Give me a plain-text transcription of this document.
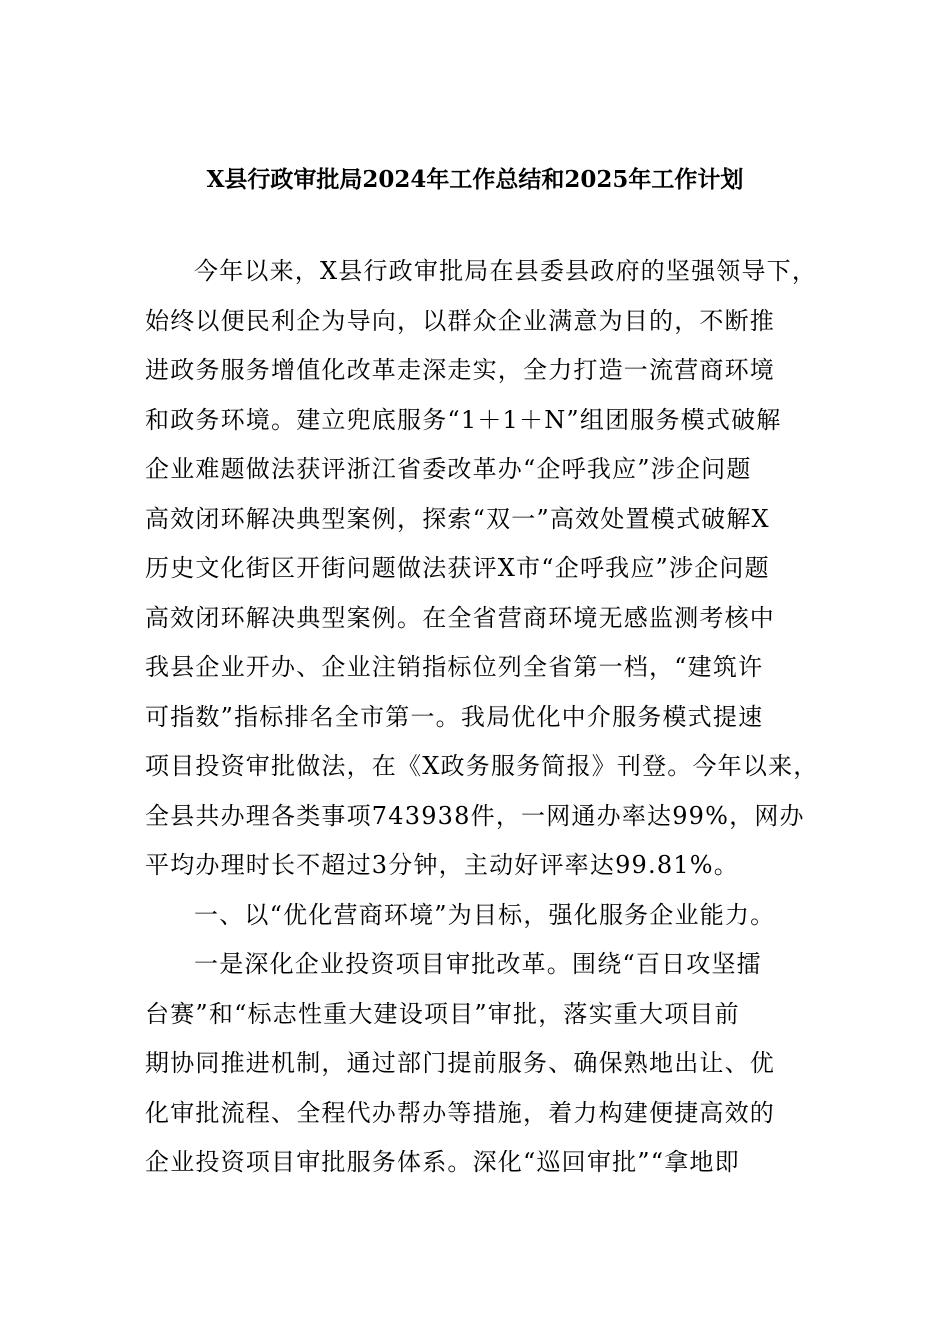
X县行政审批局2024年工作总结和2025年工作计划
今年以来，X县行政审批局在县委县政府的坚强领导下，
始终以便民利企为导向，以群众企业满意为目的，不断推
进政务服务增值化改革走深走实，全力打造一流营商环境
和政务环境。建立兜底服务“1＋1＋N”组团服务模式破解
企业难题做法获评浙江省委改革办“企呼我应”涉企问题
高效闭环解决典型案例，探索“双一”高效处置模式破解X
历史文化街区开街问题做法获评X市“企呼我应”涉企问题
高效闭环解决典型案例。在全省营商环境无感监测考核中
我县企业开办、企业注销指标位列全省第一档，“建筑许
可指数”指标排名全市第一。我局优化中介服务模式提速
项目投资审批做法，在《X政务服务简报》刊登。今年以来，
全县共办理各类事项743938件，一网通办率达99%，网办
平均办理时长不超过3分钟，主动好评率达99.81%。
一、以“优化营商环境”为目标，强化服务企业能力。
一是深化企业投资项目审批改革。围绕“百日攻坚擂
台赛”和“标志性重大建设项目”审批，落实重大项目前
期协同推进机制，通过部门提前服务、确保熟地出让、优
化审批流程、全程代办帮办等措施，着力构建便捷高效的
企业投资项目审批服务体系。深化“巡回审批”“拿地即
